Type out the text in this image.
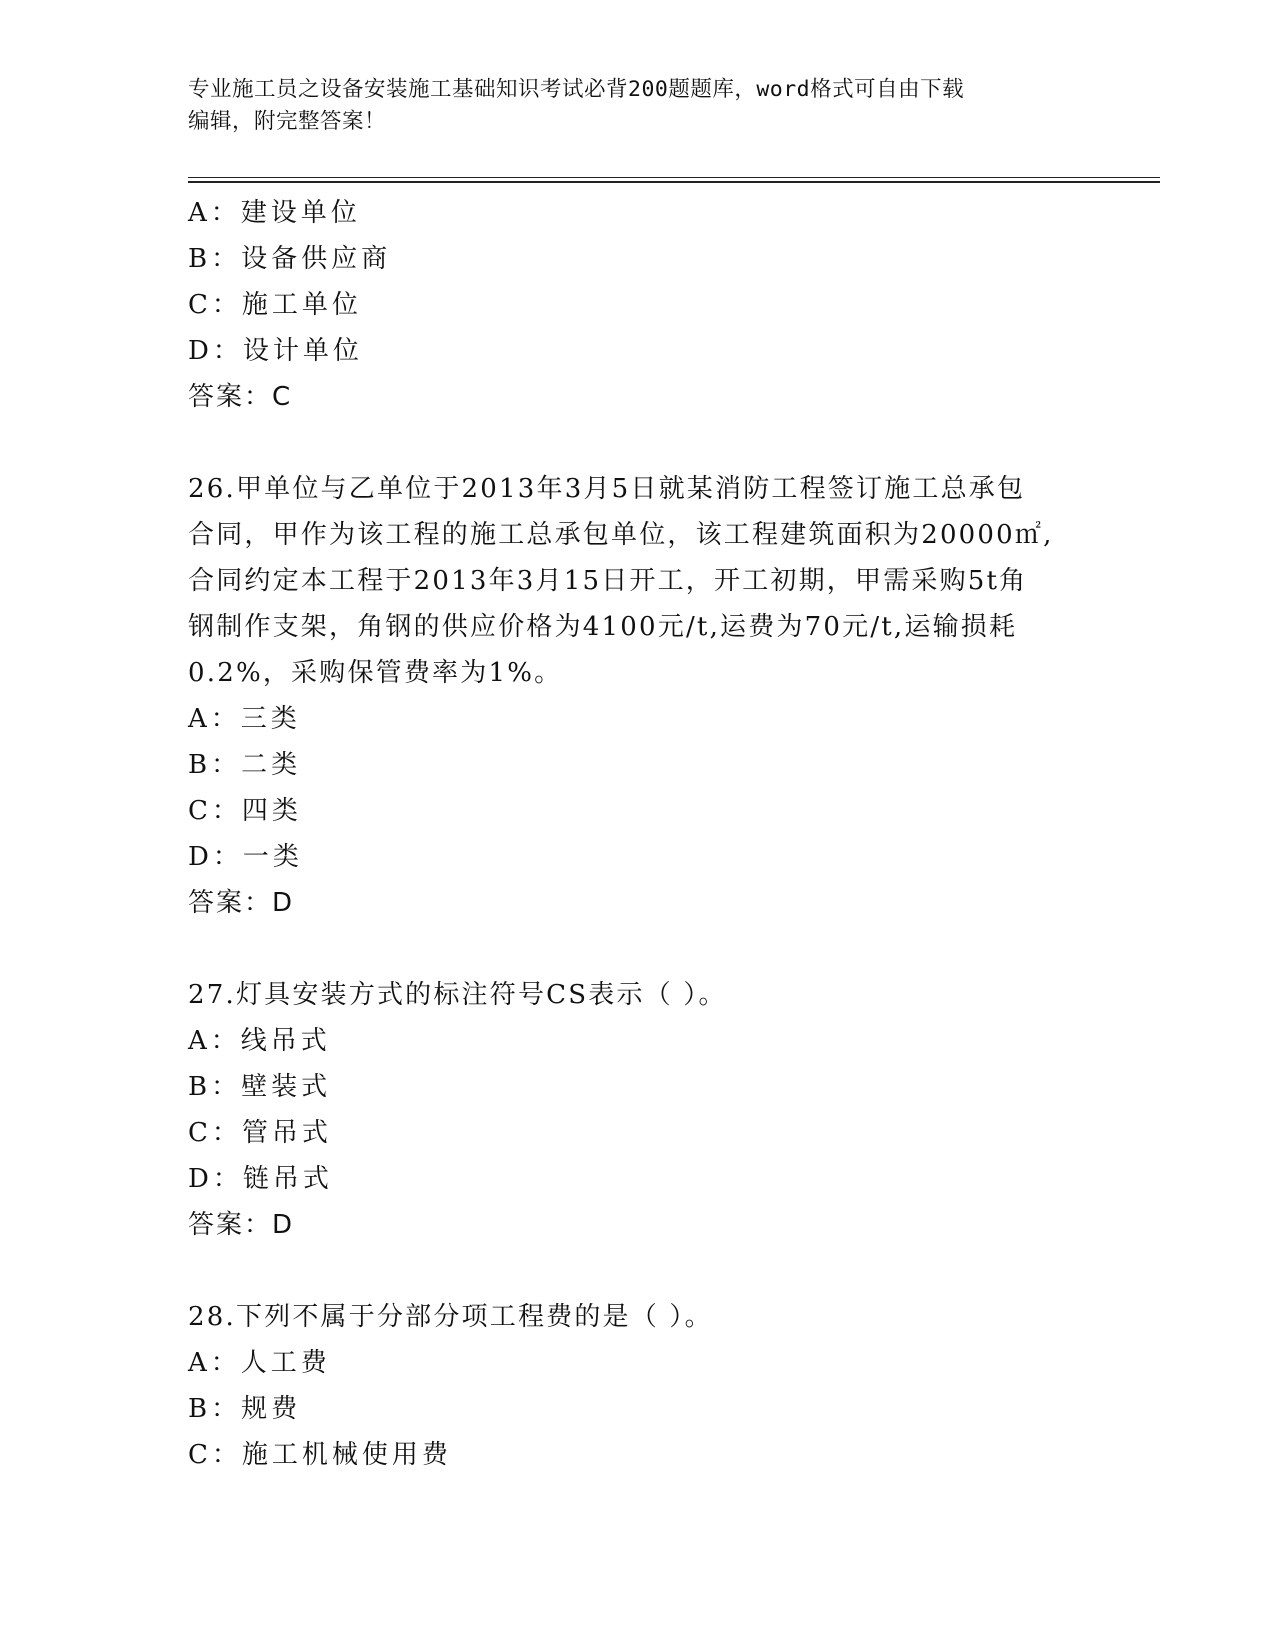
专业施工员之设备安装施工基础知识考试必背200题题库，word格式可自由下载
编辑，附完整答案！
A：建设单位
B：设备供应商
C：施工单位
D：设计单位
答案：C
26.甲单位与乙单位于2013年3月5日就某消防工程签订施工总承包
合同，甲作为该工程的施工总承包单位，该工程建筑面积为20000㎡,
合同约定本工程于2013年3月15日开工，开工初期，甲需采购5t角
钢制作支架，角钢的供应价格为4100元/t,运费为70元/t,运输损耗
0.2%，采购保管费率为1%。
A：三类
B：二类
C：四类
D：一类
答案：D
27.灯具安装方式的标注符号CS表示（ ）。
A：线吊式
B：壁装式
C：管吊式
D：链吊式
答案：D
28.下列不属于分部分项工程费的是（ ）。
A：人工费
B：规费
C：施工机械使用费
